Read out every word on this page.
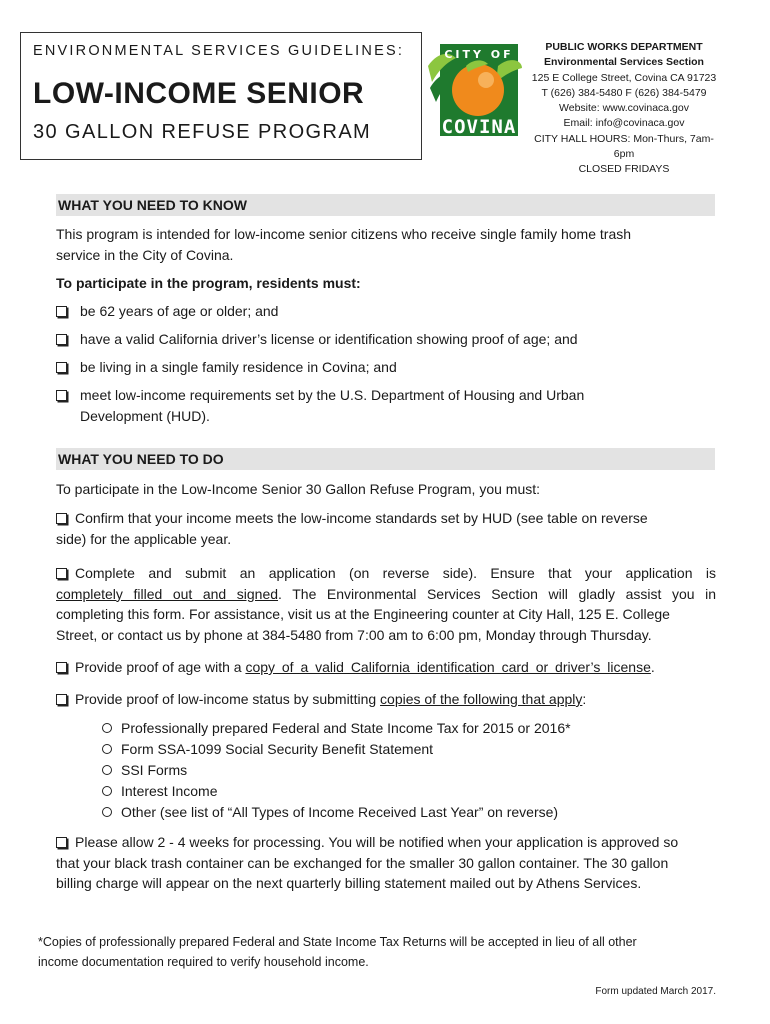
ENVIRONMENTAL SERVICES GUIDELINES:
LOW-INCOME SENIOR
30 GALLON REFUSE PROGRAM
CITY OF
COVINA
PUBLIC WORKS DEPARTMENT
Environmental Services Section
125 E College Street, Covina CA 91723
T (626) 384-5480 F (626) 384-5479
Website: www.covinaca.gov
Email: info@covinaca.gov
CITY HALL HOURS: Mon-Thurs, 7am-6pm
CLOSED FRIDAYS
WHAT YOU NEED TO KNOW
This program is intended for low-income senior citizens who receive single family home trash
service in the City of Covina.
To participate in the program, residents must:
be 62 years of age or older; and
have a valid California driver’s license or identification showing proof of age; and
be living in a single family residence in Covina; and
meet low-income requirements set by the U.S. Department of Housing and Urban
Development (HUD).
WHAT YOU NEED TO DO
To participate in the Low-Income Senior 30 Gallon Refuse Program, you must:
Confirm that your income meets the low-income standards set by HUD (see table on reverse
side) for the applicable year.
Complete and submit an application (on reverse side). Ensure that your application is
completely filled out and signed. The Environmental Services Section will gladly assist you in
completing this form. For assistance, visit us at the Engineering counter at City Hall, 125 E. College
Street, or contact us by phone at 384-5480 from 7:00 am to 6:00 pm, Monday through Thursday.
Provide proof of age with a copy of a valid California identification card or driver’s license.
Provide proof of low-income status by submitting copies of the following that apply:
Professionally prepared Federal and State Income Tax for 2015 or 2016*
Form SSA-1099 Social Security Benefit Statement
SSI Forms
Interest Income
Other (see list of “All Types of Income Received Last Year” on reverse)
Please allow 2 - 4 weeks for processing. You will be notified when your application is approved so
that your black trash container can be exchanged for the smaller 30 gallon container. The 30 gallon
billing charge will appear on the next quarterly billing statement mailed out by Athens Services.
*Copies of professionally prepared Federal and State Income Tax Returns will be accepted in lieu of all other
income documentation required to verify household income.
Form updated March 2017.
